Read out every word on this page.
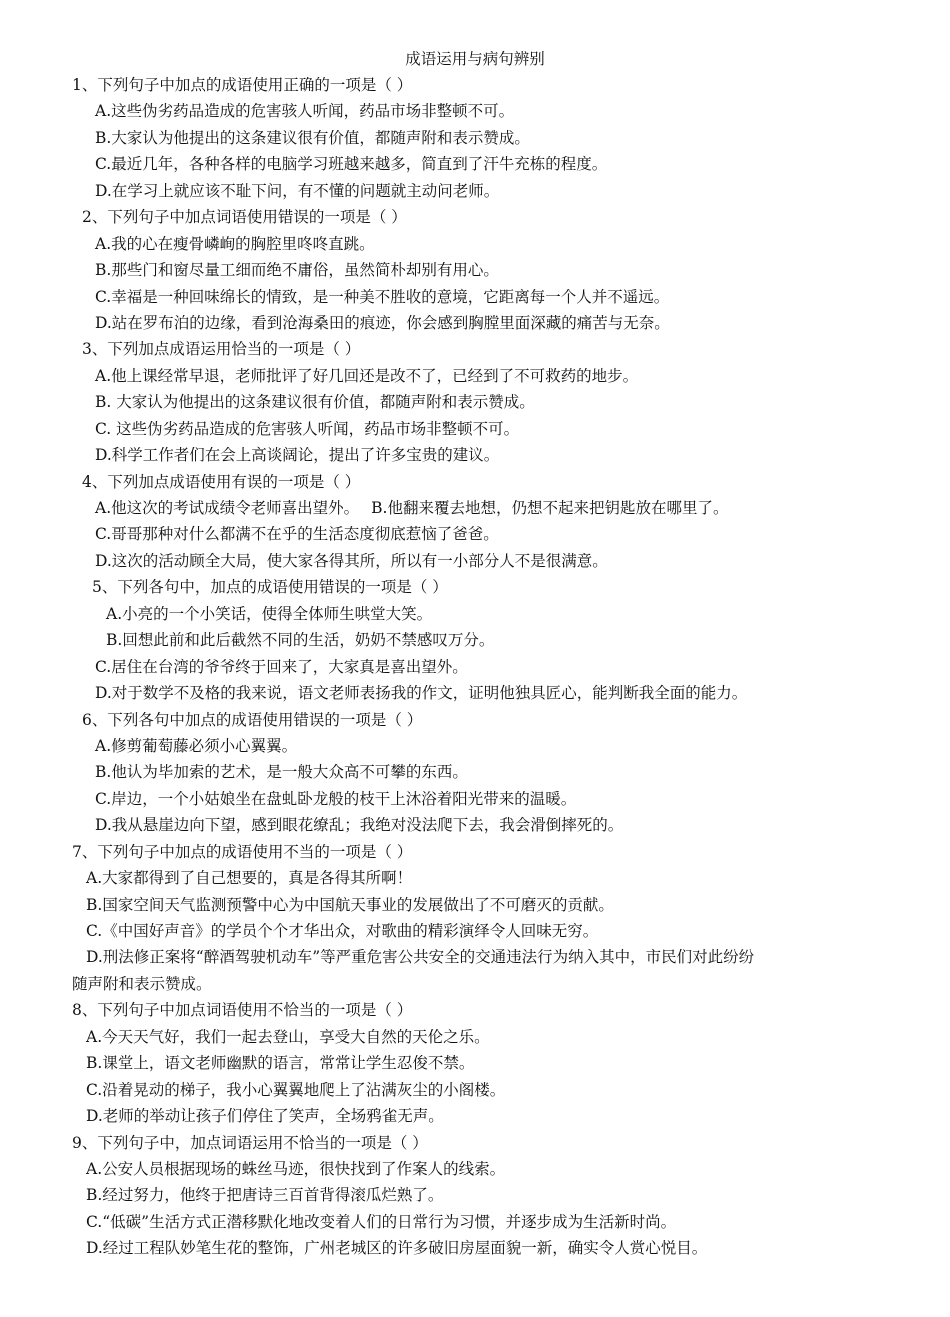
成语运用与病句辨别
1、下列句子中加点的成语使用正确的一项是（ ）
A.这些伪劣药品造成的危害骇人听闻，药品市场非整顿不可。
B.大家认为他提出的这条建议很有价值，都随声附和表示赞成。
C.最近几年，各种各样的电脑学习班越来越多，简直到了汗牛充栋的程度。
D.在学习上就应该不耻下问，有不懂的问题就主动问老师。
2、下列句子中加点词语使用错误的一项是（ ）
A.我的心在瘦骨嶙峋的胸腔里咚咚直跳。
B.那些门和窗尽量工细而绝不庸俗，虽然简朴却别有用心。
C.幸福是一种回味绵长的情致，是一种美不胜收的意境，它距离每一个人并不遥远。
D.站在罗布泊的边缘，看到沧海桑田的痕迹，你会感到胸膛里面深藏的痛苦与无奈。
3、下列加点成语运用恰当的一项是（ ）
A.他上课经常早退，老师批评了好几回还是改不了，已经到了不可救药的地步。
B. 大家认为他提出的这条建议很有价值，都随声附和表示赞成。
C. 这些伪劣药品造成的危害骇人听闻，药品市场非整顿不可。
D.科学工作者们在会上高谈阔论，提出了许多宝贵的建议。
4、下列加点成语使用有误的一项是（ ）
A.他这次的考试成绩令老师喜出望外。 B.他翻来覆去地想，仍想不起来把钥匙放在哪里了。
C.哥哥那种对什么都满不在乎的生活态度彻底惹恼了爸爸。
D.这次的活动顾全大局，使大家各得其所，所以有一小部分人不是很满意。
5、下列各句中，加点的成语使用错误的一项是（ ）
A.小亮的一个小笑话，使得全体师生哄堂大笑。
B.回想此前和此后截然不同的生活，奶奶不禁感叹万分。
C.居住在台湾的爷爷终于回来了，大家真是喜出望外。
D.对于数学不及格的我来说，语文老师表扬我的作文，证明他独具匠心，能判断我全面的能力。
6、下列各句中加点的成语使用错误的一项是（ ）
A.修剪葡萄藤必须小心翼翼。
B.他认为毕加索的艺术，是一般大众高不可攀的东西。
C.岸边，一个小姑娘坐在盘虬卧龙般的枝干上沐浴着阳光带来的温暖。
D.我从悬崖边向下望，感到眼花缭乱；我绝对没法爬下去，我会滑倒摔死的。
7、下列句子中加点的成语使用不当的一项是（ ）
A.大家都得到了自己想要的，真是各得其所啊！
B.国家空间天气监测预警中心为中国航天事业的发展做出了不可磨灭的贡献。
C.《中国好声音》的学员个个才华出众，对歌曲的精彩演绎令人回味无穷。
D.刑法修正案将“醉酒驾驶机动车”等严重危害公共安全的交通违法行为纳入其中，市民们对此纷纷
随声附和表示赞成。
8、下列句子中加点词语使用不恰当的一项是（ ）
A.今天天气好，我们一起去登山，享受大自然的天伦之乐。
B.课堂上，语文老师幽默的语言，常常让学生忍俊不禁。
C.沿着晃动的梯子，我小心翼翼地爬上了沾满灰尘的小阁楼。
D.老师的举动让孩子们停住了笑声，全场鸦雀无声。
9、下列句子中，加点词语运用不恰当的一项是（ ）
A.公安人员根据现场的蛛丝马迹，很快找到了作案人的线索。
B.经过努力，他终于把唐诗三百首背得滚瓜烂熟了。
C.“低碳”生活方式正潜移默化地改变着人们的日常行为习惯，并逐步成为生活新时尚。
D.经过工程队妙笔生花的整饰，广州老城区的许多破旧房屋面貌一新，确实令人赏心悦目。
